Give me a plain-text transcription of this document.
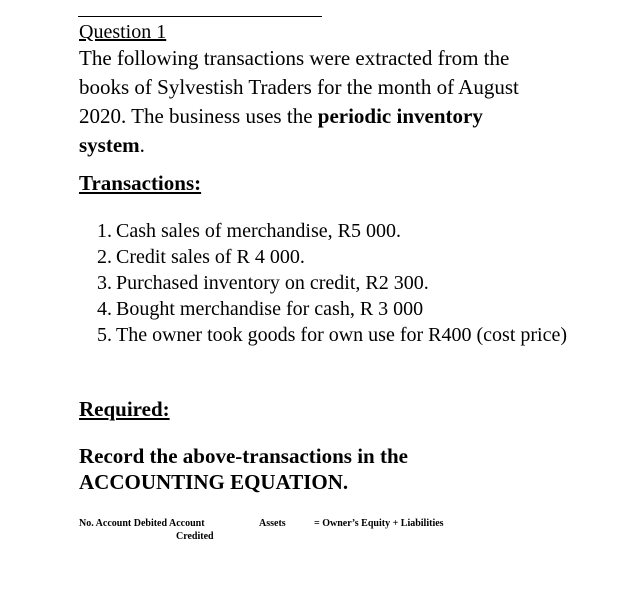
Question 1
The following transactions were extracted from the books of Sylvestish Traders for the month of August 2020. The business uses the periodic inventory system.
Transactions:
1. Cash sales of merchandise, R5 000.
2. Credit sales of R 4 000.
3. Purchased inventory on credit, R2 300.
4. Bought merchandise for cash, R 3 000
5. The owner took goods for own use for R400 (cost price)
Required:
Record the above-transactions in the ACCOUNTING EQUATION.
No. Account Debited Account
Credited
Assets	= Owner’s Equity + Liabilities
